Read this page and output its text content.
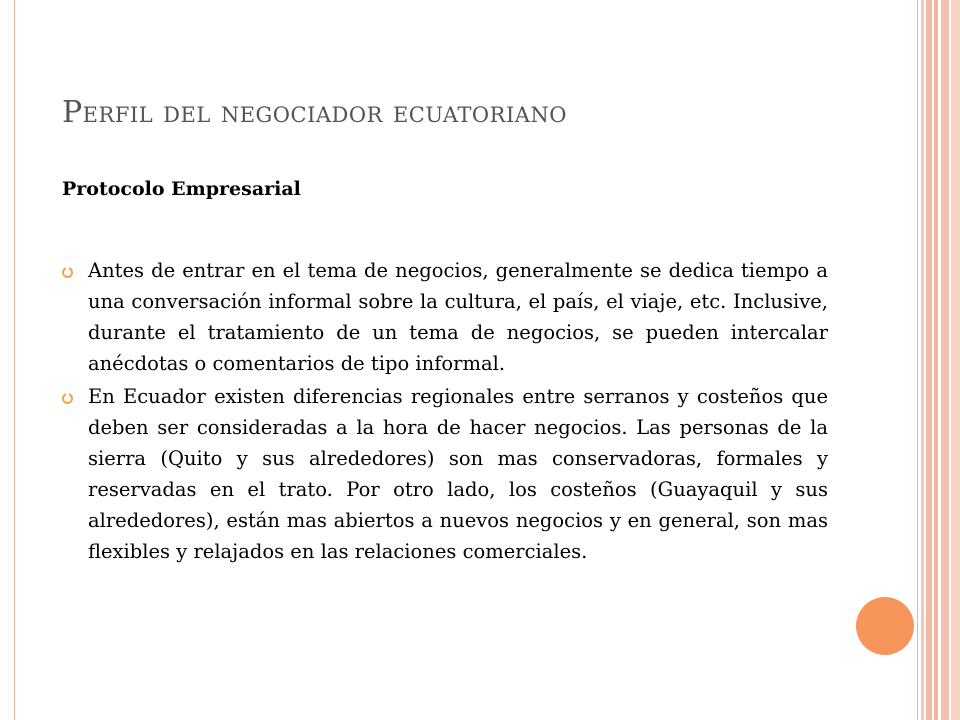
Perfil del negociador ecuatoriano
Protocolo Empresarial
Antes de entrar en el tema de negocios, generalmente se dedica tiempo a una conversación informal sobre la cultura, el país, el viaje, etc. Inclusive, durante el tratamiento de un tema de negocios, se pueden intercalar anécdotas o comentarios de tipo informal.
En Ecuador existen diferencias regionales entre serranos y costeños que deben ser consideradas a la hora de hacer negocios. Las personas de la sierra (Quito y sus alrededores) son mas conservadoras, formales y reservadas en el trato. Por otro lado, los costeños (Guayaquil y sus alrededores), están mas abiertos a nuevos negocios y en general, son mas flexibles y relajados en las relaciones comerciales.
